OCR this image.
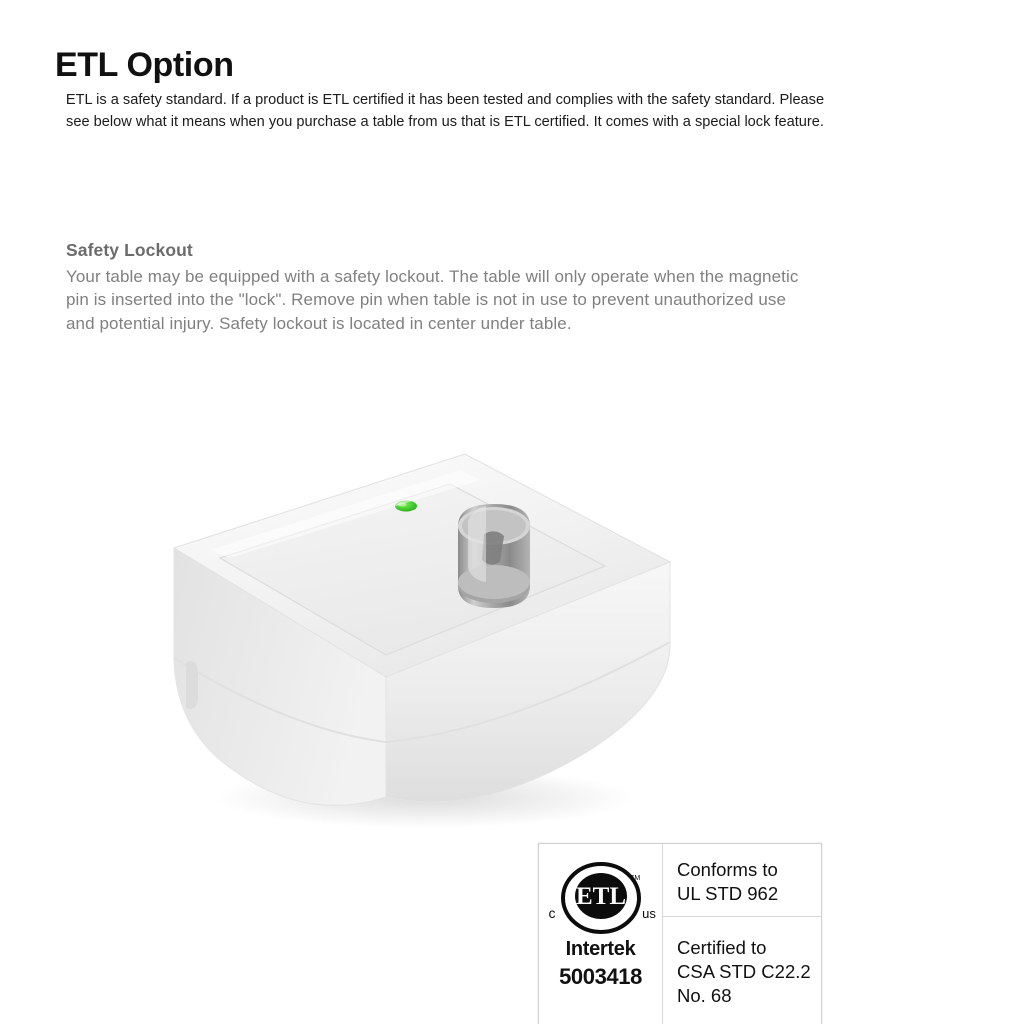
ETL Option

ETL is a safety standard. If a product is ETL certified it has been tested and complies with the safety standard. Please see below what it means when you purchase a table from us that is ETL certified. It comes with a special lock feature.

Safety Lockout
Your table may be equipped with a safety lockout. The table will only operate when the magnetic pin is inserted into the "lock". Remove pin when table is not in use to prevent unauthorized use and potential injury. Safety lockout is located in center under table.
ETL
LISTED
SM
c	us
Intertek
5003418
Conforms to
UL STD 962
Certified to
CSA STD C22.2
No. 68
